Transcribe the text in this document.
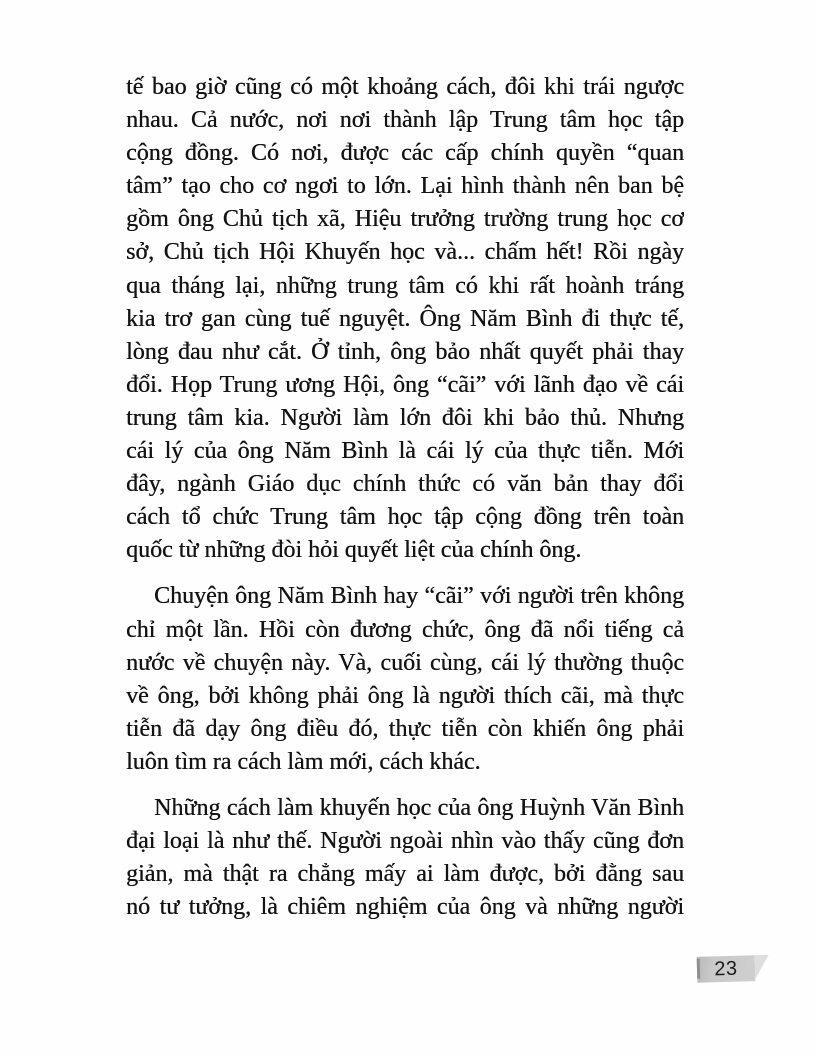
tế bao giờ cũng có một khoảng cách, đôi khi trái ngược
nhau. Cả nước, nơi nơi thành lập Trung tâm học tập
cộng đồng. Có nơi, được các cấp chính quyền “quan
tâm” tạo cho cơ ngơi to lớn. Lại hình thành nên ban bệ
gồm ông Chủ tịch xã, Hiệu trưởng trường trung học cơ
sở, Chủ tịch Hội Khuyến học và... chấm hết! Rồi ngày
qua tháng lại, những trung tâm có khi rất hoành tráng
kia trơ gan cùng tuế nguyệt. Ông Năm Bình đi thực tế,
lòng đau như cắt. Ở tỉnh, ông bảo nhất quyết phải thay
đổi. Họp Trung ương Hội, ông “cãi” với lãnh đạo về cái
trung tâm kia. Người làm lớn đôi khi bảo thủ. Nhưng
cái lý của ông Năm Bình là cái lý của thực tiễn. Mới
đây, ngành Giáo dục chính thức có văn bản thay đổi
cách tổ chức Trung tâm học tập cộng đồng trên toàn
quốc từ những đòi hỏi quyết liệt của chính ông.
Chuyện ông Năm Bình hay “cãi” với người trên không
chỉ một lần. Hồi còn đương chức, ông đã nổi tiếng cả
nước về chuyện này. Và, cuối cùng, cái lý thường thuộc
về ông, bởi không phải ông là người thích cãi, mà thực
tiễn đã dạy ông điều đó, thực tiễn còn khiến ông phải
luôn tìm ra cách làm mới, cách khác.
Những cách làm khuyến học của ông Huỳnh Văn Bình
đại loại là như thế. Người ngoài nhìn vào thấy cũng đơn
giản, mà thật ra chẳng mấy ai làm được, bởi đằng sau
nó tư tưởng, là chiêm nghiệm của ông và những người
23
